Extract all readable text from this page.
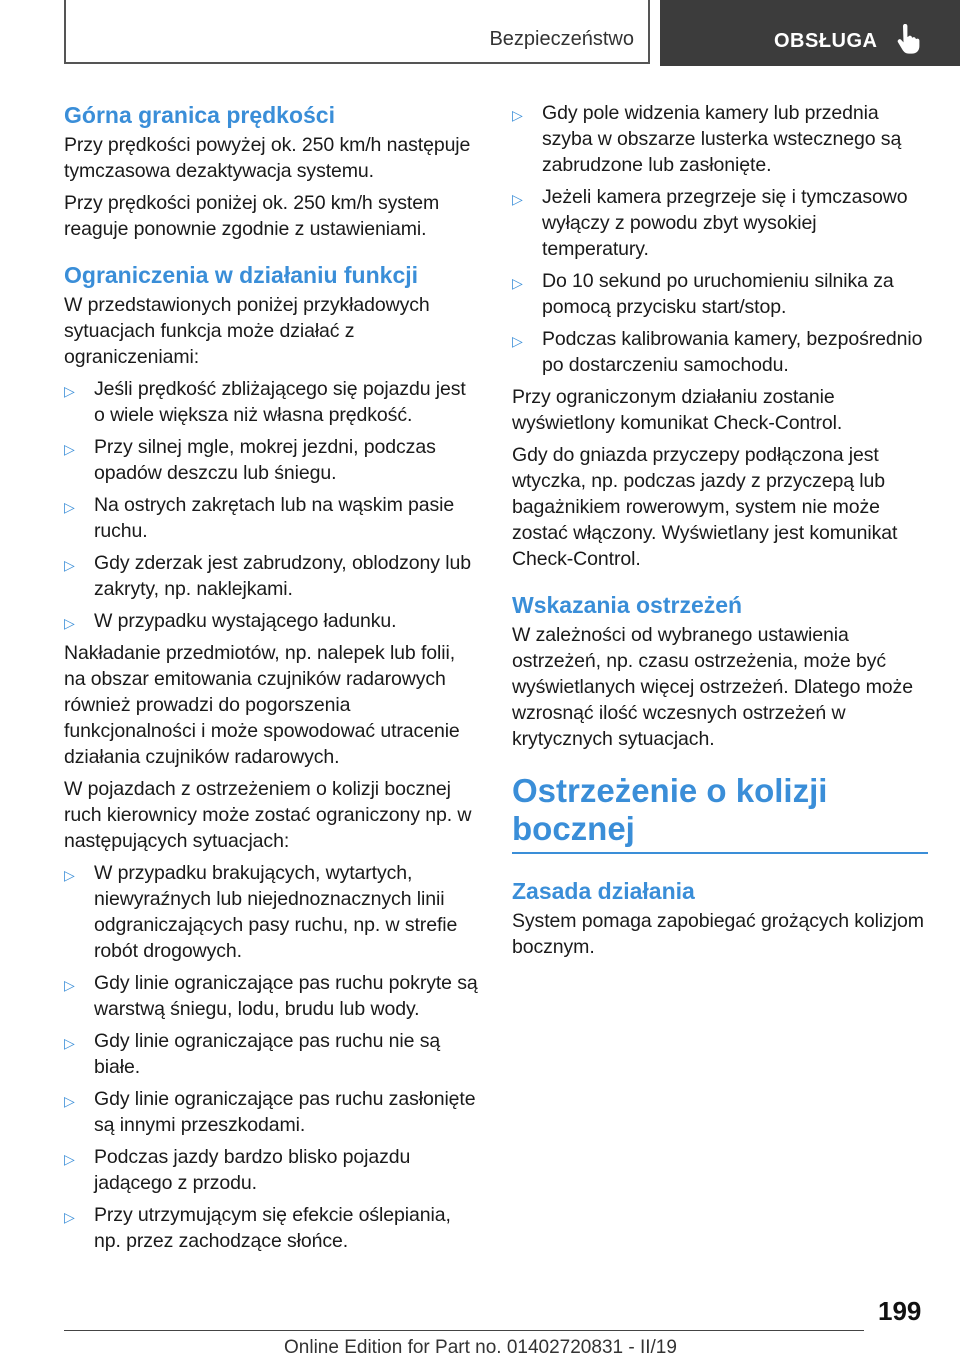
Bezpieczeństwo	OBSŁUGA
Górna granica prędkości

Przy prędkości powyżej ok. 250 km/h następuje tymczasowa dezaktywacja systemu.

Przy prędkości poniżej ok. 250 km/h system reaguje ponownie zgodnie z ustawieniami.

Ograniczenia w działaniu funkcji

W przedstawionych poniżej przykładowych sytuacjach funkcja może działać z ograniczeniami:

▷ Jeśli prędkość zbliżającego się pojazdu jest o wiele większa niż własna prędkość.
▷ Przy silnej mgle, mokrej jezdni, podczas opadów deszczu lub śniegu.
▷ Na ostrych zakrętach lub na wąskim pasie ruchu.
▷ Gdy zderzak jest zabrudzony, oblodzony lub zakryty, np. naklejkami.
▷ W przypadku wystającego ładunku.

Nakładanie przedmiotów, np. nalepek lub folii, na obszar emitowania czujników radarowych również prowadzi do pogorszenia funkcjonalności i może spowodować utracenie działania czujników radarowych.

W pojazdach z ostrzeżeniem o kolizji bocznej ruch kierownicy może zostać ograniczony np. w następujących sytuacjach:

▷ W przypadku brakujących, wytartych, niewyraźnych lub niejednoznacznych linii odgraniczających pasy ruchu, np. w strefie robót drogowych.
▷ Gdy linie ograniczające pas ruchu pokryte są warstwą śniegu, lodu, brudu lub wody.
▷ Gdy linie ograniczające pas ruchu nie są białe.
▷ Gdy linie ograniczające pas ruchu zasłonięte są innymi przeszkodami.
▷ Podczas jazdy bardzo blisko pojazdu jadącego z przodu.
▷ Przy utrzymującym się efekcie oślepiania, np. przez zachodzące słońce.
▷ Gdy pole widzenia kamery lub przednia szyba w obszarze lusterka wstecznego są zabrudzone lub zasłonięte.
▷ Jeżeli kamera przegrzeje się i tymczasowo wyłączy z powodu zbyt wysokiej temperatury.
▷ Do 10 sekund po uruchomieniu silnika za pomocą przycisku start/stop.
▷ Podczas kalibrowania kamery, bezpośrednio po dostarczeniu samochodu.

Przy ograniczonym działaniu zostanie wyświetlony komunikat Check-Control.

Gdy do gniazda przyczepy podłączona jest wtyczka, np. podczas jazdy z przyczepą lub bagażnikiem rowerowym, system nie może zostać włączony. Wyświetlany jest komunikat Check-Control.

Wskazania ostrzeżeń

W zależności od wybranego ustawienia ostrzeżeń, np. czasu ostrzeżenia, może być wyświetlanych więcej ostrzeżeń. Dlatego może wzrosnąć ilość wczesnych ostrzeżeń w krytycznych sytuacjach.

Ostrzeżenie o kolizji bocznej
Zasada działania

System pomaga zapobiegać grożących kolizjom bocznym.

199
Online Edition for Part no. 01402720831 - II/19
